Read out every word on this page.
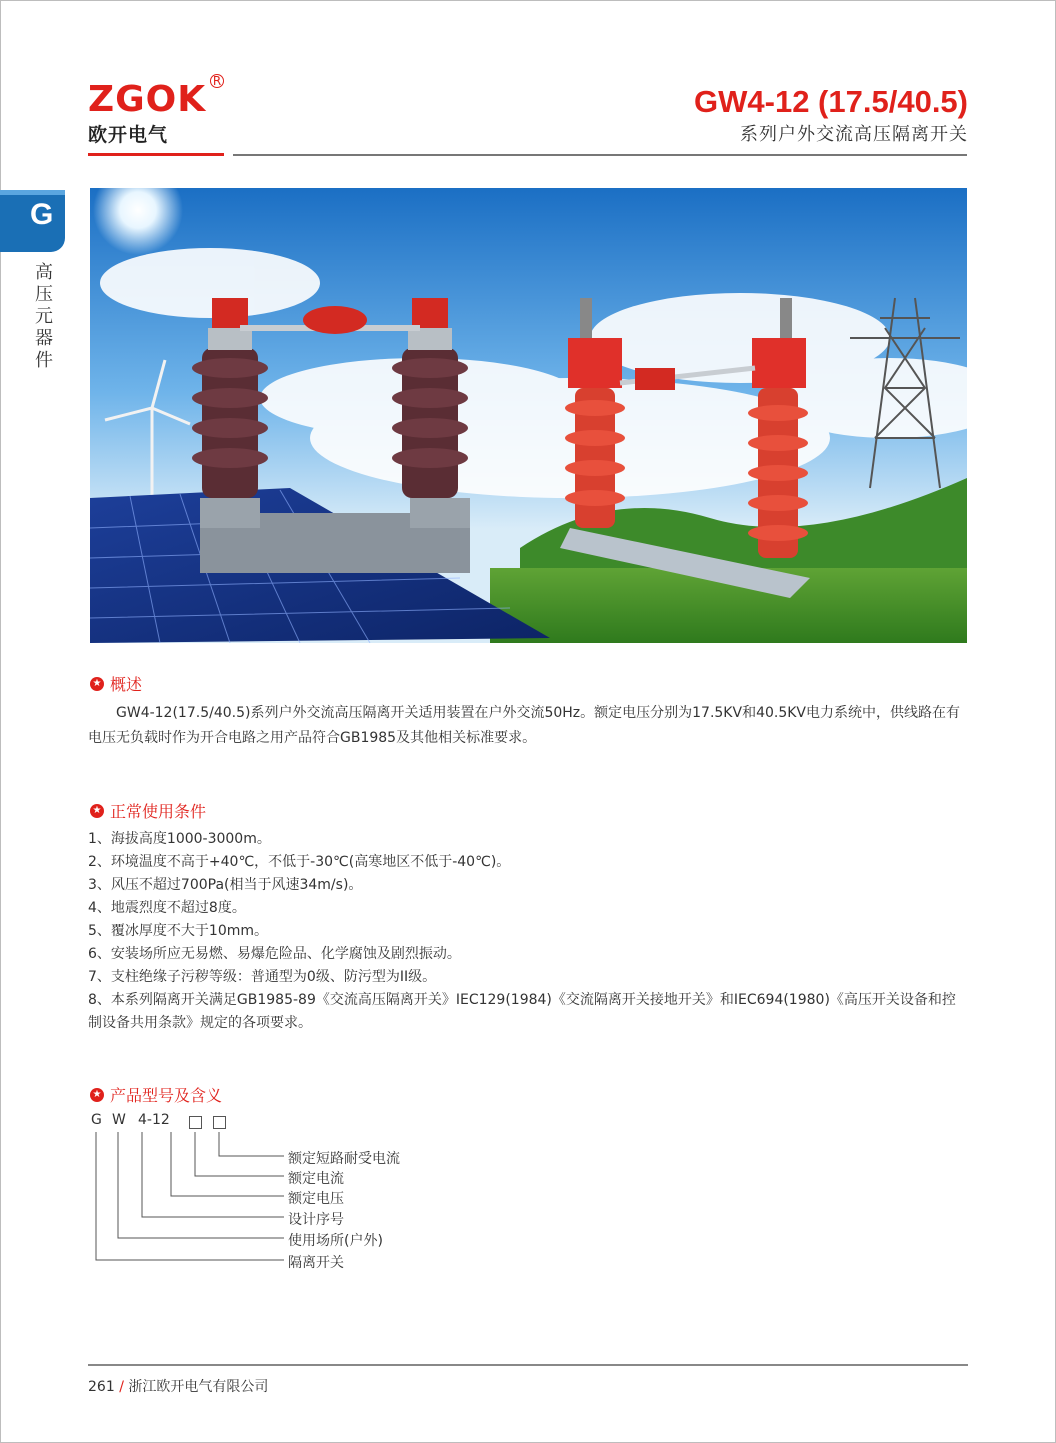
ZGOK R
欧开电气
GW4-12 (17.5/40.5)
系列户外交流高压隔离开关
G
高压元器件
★ 概述
GW4-12(17.5/40.5)系列户外交流高压隔离开关适用装置在户外交流50Hz。额定电压分别为17.5KV和40.5KV电力系统中，供线路在有电压无负载时作为开合电路之用产品符合GB1985及其他相关标准要求。
★ 正常使用条件
1、海拔高度1000-3000m。
2、环境温度不高于+40℃，不低于-30℃(高寒地区不低于-40℃)。
3、风压不超过700Pa(相当于风速34m/s)。
4、地震烈度不超过8度。
5、覆冰厚度不大于10mm。
6、安装场所应无易燃、易爆危险品、化学腐蚀及剧烈振动。
7、支柱绝缘子污秽等级：普通型为0级、防污型为II级。
8、本系列隔离开关满足GB1985-89《交流高压隔离开关》IEC129(1984)《交流隔离开关接地开关》和IEC694(1980)《高压开关设备和控制设备共用条款》规定的各项要求。
★ 产品型号及含义
G W 4-12
额定短路耐受电流
额定电流
额定电压
设计序号
使用场所(户外)
隔离开关
261 / 浙江欧开电气有限公司
